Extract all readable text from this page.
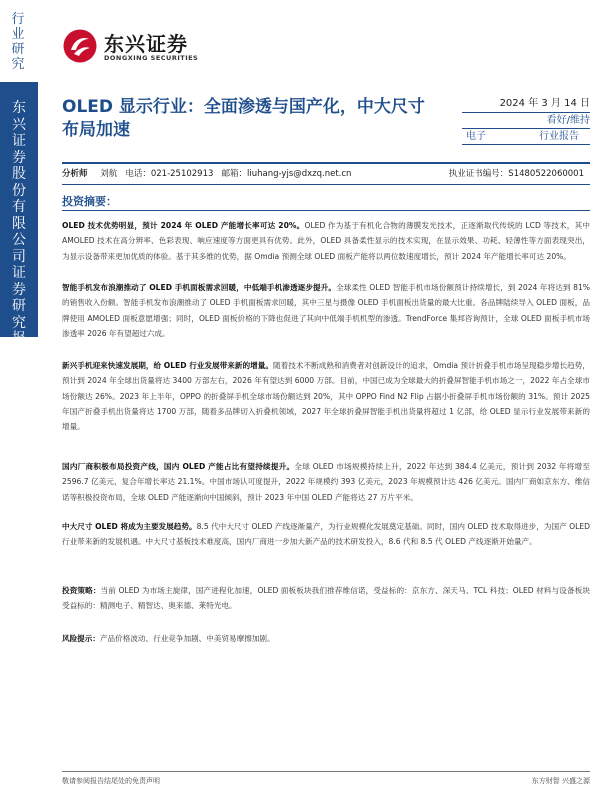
行业研究
东兴证券股份有限公司证券研究报告
东兴证券
DONGXING SECURITIES
OLED 显示行业：全面渗透与国产化，中大尺寸布局加速
2024 年 3 月 14 日
看好/维持
电子	行业报告
分析师 刘航 电话：021-25102913 邮箱：liuhang-yjs@dxzq.net.cn	执业证书编号：S1480522060001
投资摘要：
OLED 技术优势明显，预计 2024 年 OLED 产能增长率可达 20%。OLED 作为基于有机化合物的薄膜发光技术，正逐渐取代传统的 LCD 等技术，其中 AMOLED 技术在高分辨率、色彩表现、响应速度等方面更具有优势。此外，OLED 具备柔性显示的技术实现，在显示效果、功耗、轻薄性等方面表现突出，为显示设备带来更加优质的体验。基于其多维的优势，据 Omdia 预测全球 OLED 面板产能将以两位数速度增长，预计 2024 年产能增长率可达 20%。
智能手机发布浪潮推动了 OLED 手机面板需求回暖，中低端手机渗透逐步提升。全球柔性 OLED 智能手机市场份额预计持续增长，到 2024 年将达到 81%的销售收入份额。智能手机发布浪潮推动了 OLED 手机面板需求回暖，其中三星与摄像 OLED 手机面板出货量的最大比重。各品牌陆续导入 OLED 面板，品牌使用 AMOLED 面板意愿增强；同时，OLED 面板价格的下降也促进了其向中低端手机机型的渗透。TrendForce 集邦咨询预计，全球 OLED 面板手机市场渗透率 2026 年有望超过六成。
新兴手机迎来快速发展期，给 OLED 行业发展带来新的增量。随着技术不断成熟和消费者对创新设计的追求，Omdia 预计折叠手机市场呈现稳步增长趋势，预计到 2024 年全球出货量将达 3400 万部左右，2026 年有望达到 6000 万部。目前，中国已成为全球最大的折叠屏智能手机市场之一，2022 年占全球市场份额达 26%。2023 年上半年，OPPO 的折叠屏手机全球市场份额达到 20%，其中 OPPO Find N2 Flip 占据小折叠屏手机市场份额的 31%。预计 2025 年国产折叠手机出货量将达 1700 万部，随着多品牌切入折叠机领域，2027 年全球折叠屏智能手机出货量将超过 1 亿部，给 OLED 显示行业发展带来新的增量。
国内厂商积极布局投资产线，国内 OLED 产能占比有望持续提升。全球 OLED 市场规模持续上升，2022 年达到 384.4 亿美元，预计到 2032 年将增至 2596.7 亿美元，复合年增长率达 21.1%。中国市场认可度提升，2022 年规模约 393 亿美元，2023 年规模预计达 426 亿美元。国内厂商如京东方、维信诺等积极投资布局，全球 OLED 产能逐渐向中国倾斜，预计 2023 年中国 OLED 产能将达 27 万片平米。
中大尺寸 OLED 将成为主要发展趋势。8.5 代中大尺寸 OLED 产线逐渐量产，为行业规模化发展奠定基础。同时，国内 OLED 技术取得进步，为国产 OLED 行业带来新的发展机遇。中大尺寸基板技术难度高，国内厂商进一步加大新产品的技术研发投入，8.6 代和 8.5 代 OLED 产线逐渐开始量产。
投资策略：当前 OLED 为市场主旋律，国产进程化加速，OLED 面板板块我们推荐维信诺，受益标的：京东方、深天马、TCL 科技；OLED 材料与设备板块受益标的：精测电子、精智达、奥来德、莱特光电。
风险提示：产品价格波动、行业竞争加剧、中美贸易摩擦加剧。
敬请参阅报告结尾处的免责声明	东方财智 兴盛之源
